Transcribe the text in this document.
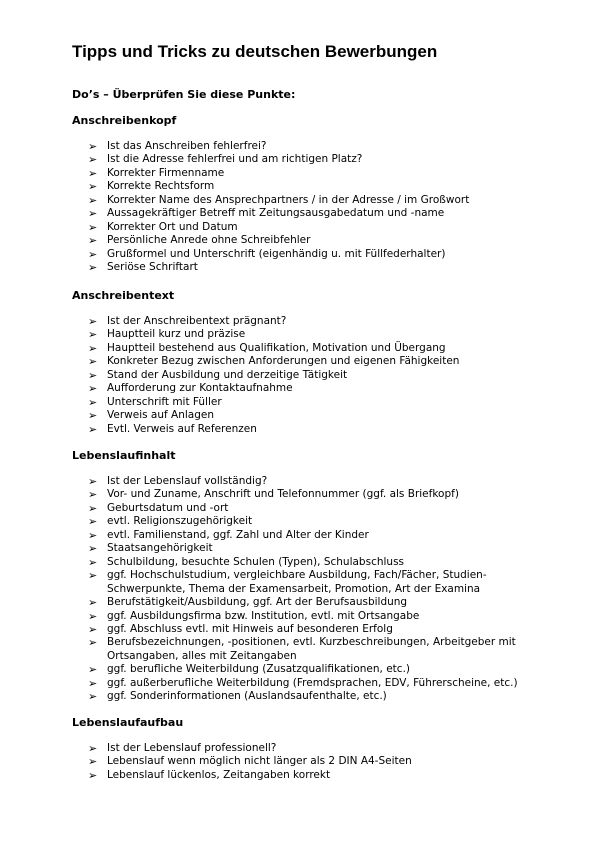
Tipps und Tricks zu deutschen Bewerbungen

Do’s – Überprüfen Sie diese Punkte:

Anschreibenkopf
➢ Ist das Anschreiben fehlerfrei?
➢ Ist die Adresse fehlerfrei und am richtigen Platz?
➢ Korrekter Firmenname
➢ Korrekte Rechtsform
➢ Korrekter Name des Ansprechpartners / in der Adresse / im Großwort
➢ Aussagekräftiger Betreff mit Zeitungsausgabedatum und -name
➢ Korrekter Ort und Datum
➢ Persönliche Anrede ohne Schreibfehler
➢ Grußformel und Unterschrift (eigenhändig u. mit Füllfederhalter)
➢ Seriöse Schriftart
Anschreibentext
➢ Ist der Anschreibentext prägnant?
➢ Hauptteil kurz und präzise
➢ Hauptteil bestehend aus Qualifikation, Motivation und Übergang
➢ Konkreter Bezug zwischen Anforderungen und eigenen Fähigkeiten
➢ Stand der Ausbildung und derzeitige Tätigkeit
➢ Aufforderung zur Kontaktaufnahme
➢ Unterschrift mit Füller
➢ Verweis auf Anlagen
➢ Evtl. Verweis auf Referenzen
Lebenslaufinhalt
➢ Ist der Lebenslauf vollständig?
➢ Vor- und Zuname, Anschrift und Telefonnummer (ggf. als Briefkopf)
➢ Geburtsdatum und -ort
➢ evtl. Religionszugehörigkeit
➢ evtl. Familienstand, ggf. Zahl und Alter der Kinder
➢ Staatsangehörigkeit
➢ Schulbildung, besuchte Schulen (Typen), Schulabschluss
➢ ggf. Hochschulstudium, vergleichbare Ausbildung, Fach/Fächer, Studien-Schwerpunkte, Thema der Examensarbeit, Promotion, Art der Examina
➢ Berufstätigkeit/Ausbildung, ggf. Art der Berufsausbildung
➢ ggf. Ausbildungsfirma bzw. Institution, evtl. mit Ortsangabe
➢ ggf. Abschluss evtl. mit Hinweis auf besonderen Erfolg
➢ Berufsbezeichnungen, -positionen, evtl. Kurzbeschreibungen, Arbeitgeber mit Ortsangaben, alles mit Zeitangaben
➢ ggf. berufliche Weiterbildung (Zusatzqualifikationen, etc.)
➢ ggf. außerberufliche Weiterbildung (Fremdsprachen, EDV, Führerscheine, etc.)
➢ ggf. Sonderinformationen (Auslandsaufenthalte, etc.)
Lebenslaufaufbau
➢ Ist der Lebenslauf professionell?
➢ Lebenslauf wenn möglich nicht länger als 2 DIN A4-Seiten
➢ Lebenslauf lückenlos, Zeitangaben korrekt
